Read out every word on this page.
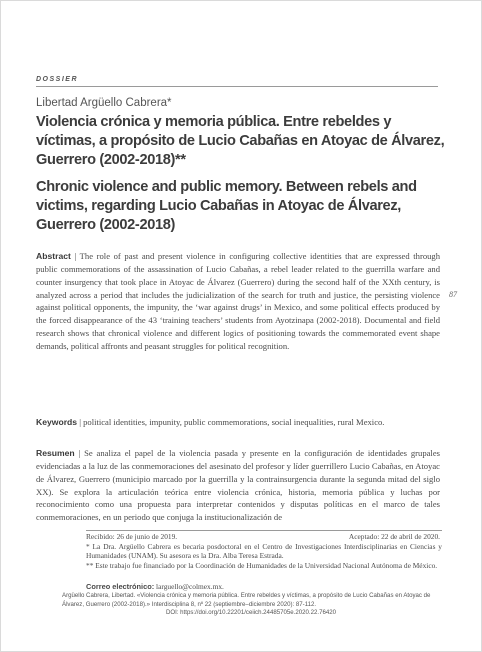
DOSSIER
Libertad Argüello Cabrera*
Violencia crónica y memoria pública. Entre rebeldes y víctimas, a propósito de Lucio Cabañas en Atoyac de Álvarez, Guerrero (2002-2018)**
Chronic violence and public memory. Between rebels and victims, regarding Lucio Cabañas in Atoyac de Álvarez, Guerrero (2002-2018)

Abstract | The role of past and present violence in configuring collective identities that are expressed through public commemorations of the assassination of Lucio Cabañas, a rebel leader related to the guerrilla warfare and counter insurgency that took place in Atoyac de Álvarez (Guerrero) during the second half of the XXth century, is analyzed across a period that includes the judicialization of the search for truth and justice, the persisting violence against political opponents, the impunity, the ‘war against drugs’ in Mexico, and some political effects produced by the forced disappearance of the 43 ‘training teachers’ students from Ayotzinapa (2002-2018). Documental and field research shows that chronical violence and different logics of positioning towards the commemorated event shape demands, political affronts and peasant struggles for political recognition.

Keywords | political identities, impunity, public commemorations, social inequalities, rural Mexico.

Resumen | Se analiza el papel de la violencia pasada y presente en la configuración de identidades grupales evidenciadas a la luz de las conmemoraciones del asesinato del profesor y líder guerrillero Lucio Cabañas, en Atoyac de Álvarez, Guerrero (municipio marcado por la guerrilla y la contrainsurgencia durante la segunda mitad del siglo XX). Se explora la articulación teórica entre violencia crónica, historia, memoria pública y luchas por reconocimiento como una propuesta para interpretar contenidos y disputas políticas en el marco de tales conmemoraciones, en un periodo que conjuga la institucionalización de

87
Recibido: 26 de junio de 2019.	Aceptado: 22 de abril de 2020.

* La Dra. Argüello Cabrera es becaria posdoctoral en el Centro de Investigaciones Interdisciplinarias en Ciencias y Humanidades (UNAM). Su asesora es la Dra. Alba Teresa Estrada.

** Este trabajo fue financiado por la Coordinación de Humanidades de la Universidad Nacional Autónoma de México.

Correo electrónico: larguello@colmex.mx.

Argüello Cabrera, Libertad. «Violencia crónica y memoria pública. Entre rebeldes y víctimas, a propósito de Lucio Cabañas en Atoyac de Álvarez, Guerrero (2002-2018).» Interdisciplina 8, nº 22 (septiembre–diciembre 2020): 87-112.

DOI: https://doi.org/10.22201/ceiich.24485705e.2020.22.76420
